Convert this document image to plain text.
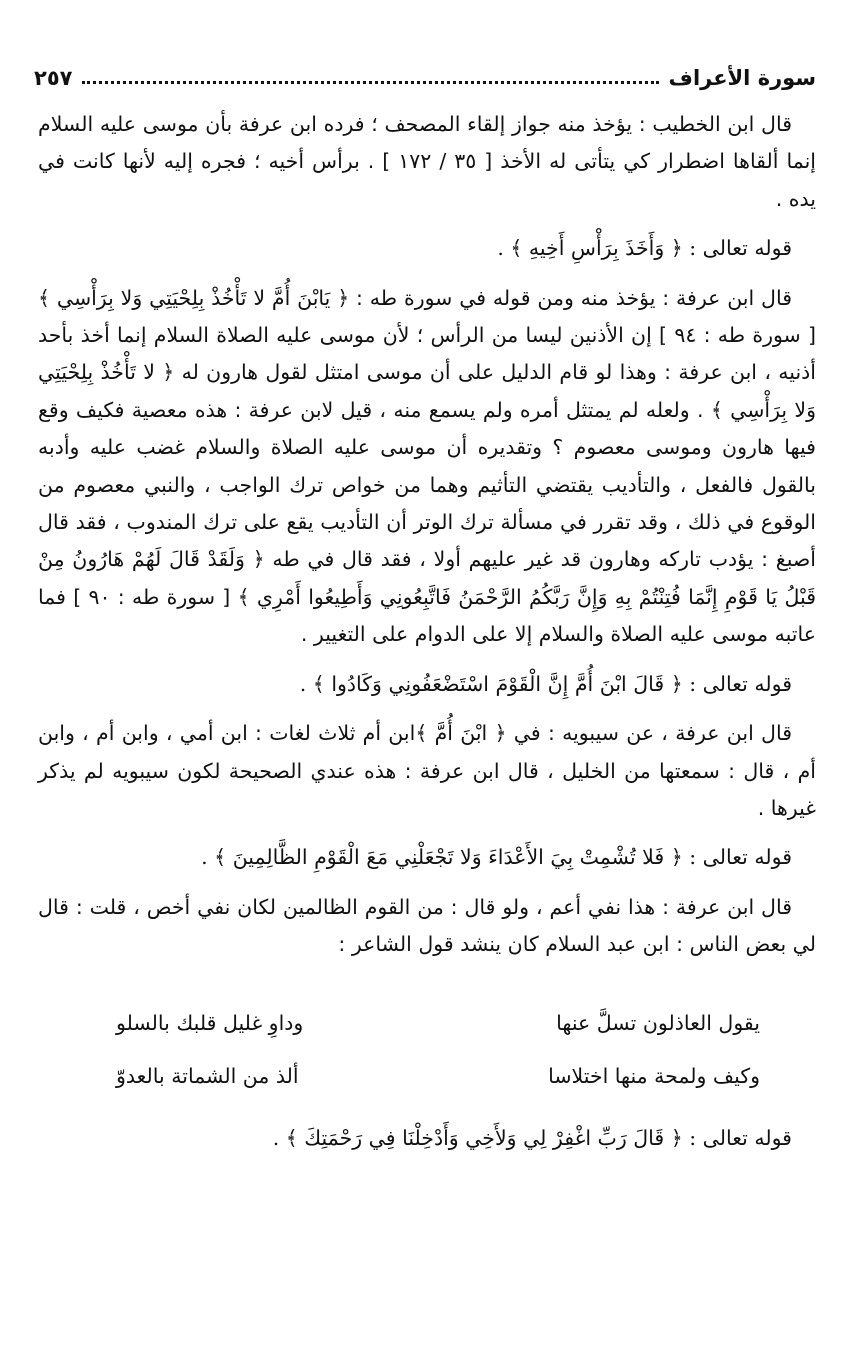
سورة الأعراف
٢٥٧

قال ابن الخطيب : يؤخذ منه جواز إلقاء المصحف ؛ فرده ابن عرفة بأن موسى عليه السلام إنما ألقاها اضطرار كي يتأتى له الأخذ [ ٣٥ / ١٧٢ ] . برأس أخيه ؛ فجره إليه لأنها كانت في يده .

قوله تعالى : ﴿ وَأَخَذَ بِرَأْسِ أَخِيهِ ﴾ .

قال ابن عرفة : يؤخذ منه ومن قوله في سورة طه : ﴿ يَابْنَ أُمَّ لا تَأْخُذْ بِلِحْيَتِي وَلا بِرَأْسِي ﴾ [ سورة طه : ٩٤ ] إن الأذنين ليسا من الرأس ؛ لأن موسى عليه الصلاة السلام إنما أخذ بأحد أذنيه ، ابن عرفة : وهذا لو قام الدليل على أن موسى امتثل لقول هارون له ﴿ لا تَأْخُذْ بِلِحْيَتِي وَلا بِرَأْسِي ﴾ . ولعله لم يمتثل أمره ولم يسمع منه ، قيل لابن عرفة : هذه معصية فكيف وقع فيها هارون وموسى معصوم ؟ وتقديره أن موسى عليه الصلاة والسلام غضب عليه وأدبه بالقول فالفعل ، والتأديب يقتضي التأثيم وهما من خواص ترك الواجب ، والنبي معصوم من الوقوع في ذلك ، وقد تقرر في مسألة ترك الوتر أن التأديب يقع على ترك المندوب ، فقد قال أصبغ : يؤدب تاركه وهارون قد غير عليهم أولا ، فقد قال في طه ﴿ وَلَقَدْ قَالَ لَهُمْ هَارُونُ مِنْ قَبْلُ يَا قَوْمِ إِنَّمَا فُتِنْتُمْ بِهِ وَإِنَّ رَبَّكُمُ الرَّحْمَنُ فَاتَّبِعُونِي وَأَطِيعُوا أَمْرِي ﴾ [ سورة طه : ٩٠ ] فما عاتبه موسى عليه الصلاة والسلام إلا على الدوام على التغيير .

قوله تعالى : ﴿ قَالَ ابْنَ أُمَّ إِنَّ الْقَوْمَ اسْتَضْعَفُونِي وَكَادُوا ﴾ .

قال ابن عرفة ، عن سيبويه : في ﴿ ابْنَ أُمَّ ﴾ابن أم ثلاث لغات : ابن أمي ، وابن أم ، وابن أم ، قال : سمعتها من الخليل ، قال ابن عرفة : هذه عندي الصحيحة لكون سيبويه لم يذكر غيرها .

قوله تعالى : ﴿ فَلا تُشْمِتْ بِيَ الأَعْدَاءَ وَلا تَجْعَلْنِي مَعَ الْقَوْمِ الظَّالِمِينَ ﴾ .

قال ابن عرفة : هذا نفي أعم ، ولو قال : من القوم الظالمين لكان نفي أخص ، قلت : قال لي بعض الناس : ابن عبد السلام كان ينشد قول الشاعر :

يقول العاذلون تسلَّ عنها
وداوِ غليل قلبك بالسلو
وكيف ولمحة منها اختلاسا
ألذ من الشماتة بالعدوّ

قوله تعالى : ﴿ قَالَ رَبِّ اغْفِرْ لِي وَلأَخِي وَأَدْخِلْنَا فِي رَحْمَتِكَ ﴾ .
